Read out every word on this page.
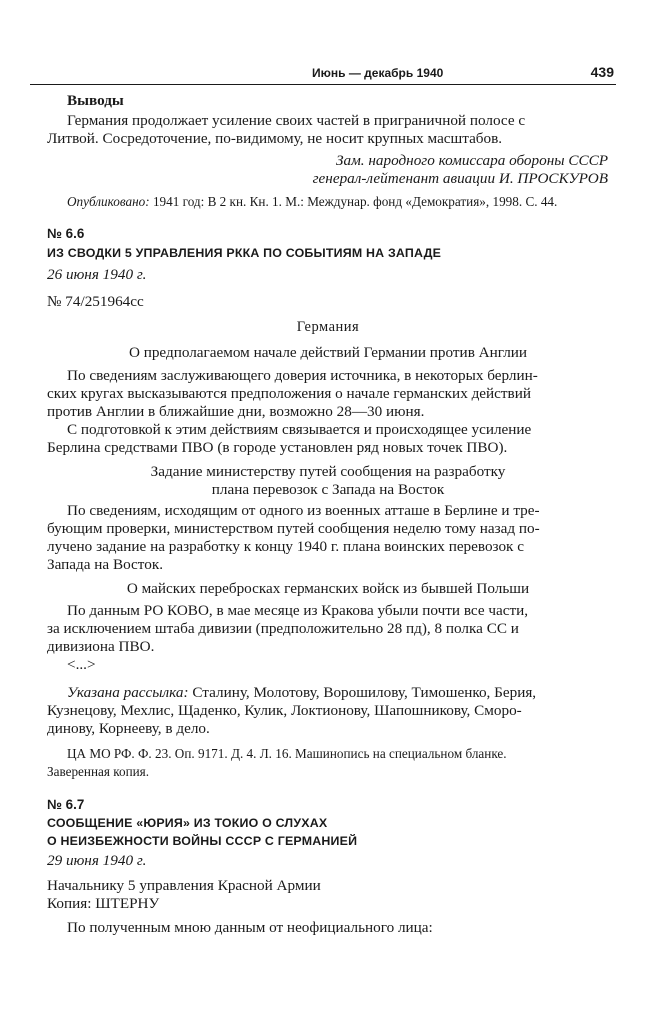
Июнь — декабрь 1940	439
Выводы
Германия продолжает усиление своих частей в приграничной полосе с
Литвой. Сосредоточение, по-видимому, не носит крупных масштабов.
Зам. народного комиссара обороны СССР
генерал-лейтенант авиации И. ПРОСКУРОВ
Опубликовано: 1941 год: В 2 кн. Кн. 1. М.: Междунар. фонд «Демократия», 1998. С. 44.
№ 6.6
ИЗ СВОДКИ 5 УПРАВЛЕНИЯ РККА ПО СОБЫТИЯМ НА ЗАПАДЕ
26 июня 1940 г.
№ 74/251964сс
Германия
О предполагаемом начале действий Германии против Англии
По сведениям заслуживающего доверия источника, в некоторых берлин-
ских кругах высказываются предположения о начале германских действий
против Англии в ближайшие дни, возможно 28—30 июня.
С подготовкой к этим действиям связывается и происходящее усиление
Берлина средствами ПВО (в городе установлен ряд новых точек ПВО).
Задание министерству путей сообщения на разработку
плана перевозок с Запада на Восток
По сведениям, исходящим от одного из военных атташе в Берлине и тре-
бующим проверки, министерством путей сообщения неделю тому назад по-
лучено задание на разработку к концу 1940 г. плана воинских перевозок с
Запада на Восток.
О майских перебросках германских войск из бывшей Польши
По данным РО КОВО, в мае месяце из Кракова убыли почти все части,
за исключением штаба дивизии (предположительно 28 пд), 8 полка СС и
дивизиона ПВО.
<...>
Указана рассылка: Сталину, Молотову, Ворошилову, Тимошенко, Берия,
Кузнецову, Мехлис, Щаденко, Кулик, Локтионову, Шапошникову, Сморо-
динову, Корнееву, в дело.
ЦА МО РФ. Ф. 23. Оп. 9171. Д. 4. Л. 16. Машинопись на специальном бланке.
Заверенная копия.
№ 6.7
СООБЩЕНИЕ «ЮРИЯ» ИЗ ТОКИО О СЛУХАХ
О НЕИЗБЕЖНОСТИ ВОЙНЫ СССР С ГЕРМАНИЕЙ
29 июня 1940 г.
Начальнику 5 управления Красной Армии
Копия: ШТЕРНУ
По полученным мною данным от неофициального лица:
